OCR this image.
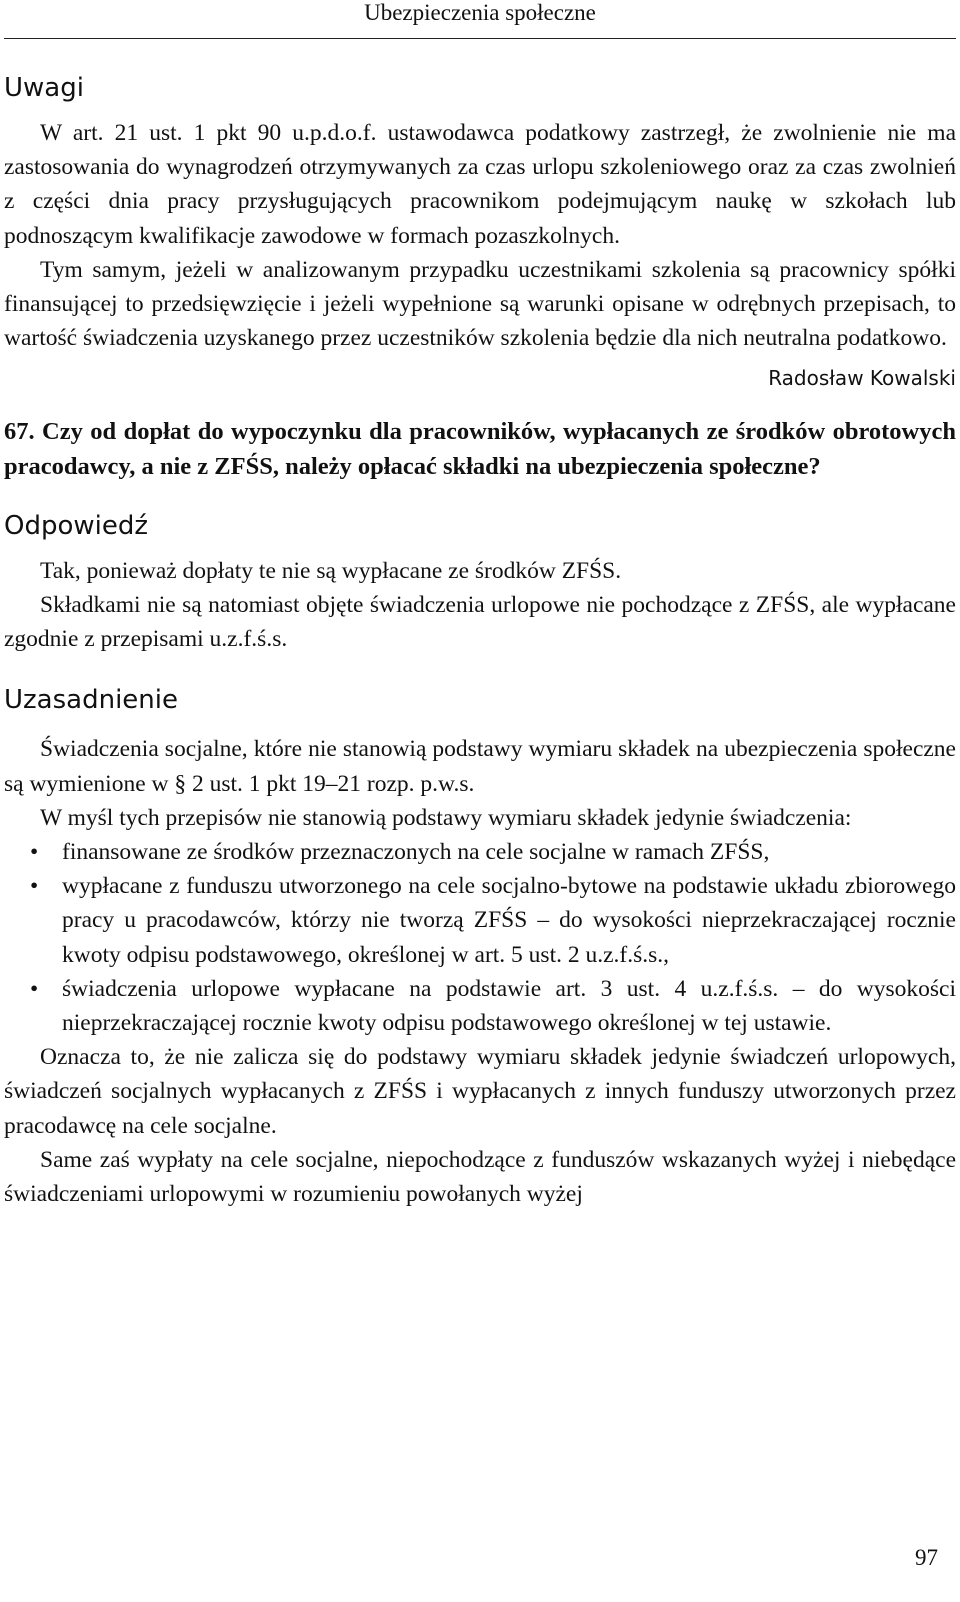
Ubezpieczenia społeczne
Uwagi

W art. 21 ust. 1 pkt 90 u.p.d.o.f. ustawodawca podatkowy zastrzegł, że zwolnienie nie ma zastosowania do wynagrodzeń otrzymywanych za czas urlopu szkoleniowego oraz za czas zwolnień z części dnia pracy przysługujących pracownikom podejmującym naukę w szkołach lub podnoszącym kwalifikacje zawodowe w formach pozaszkolnych.

Tym samym, jeżeli w analizowanym przypadku uczestnikami szkolenia są pracownicy spółki finansującej to przedsięwzięcie i jeżeli wypełnione są warunki opisane w odrębnych przepisach, to wartość świadczenia uzyskanego przez uczestników szkolenia będzie dla nich neutralna podatkowo.

Radosław Kowalski

67. Czy od dopłat do wypoczynku dla pracowników, wypłacanych ze środków obrotowych pracodawcy, a nie z ZFŚS, należy opłacać składki na ubezpieczenia społeczne?

Odpowiedź

Tak, ponieważ dopłaty te nie są wypłacane ze środków ZFŚS.

Składkami nie są natomiast objęte świadczenia urlopowe nie pochodzące z ZFŚS, ale wypłacane zgodnie z przepisami u.z.f.ś.s.

Uzasadnienie

Świadczenia socjalne, które nie stanowią podstawy wymiaru składek na ubezpieczenia społeczne są wymienione w § 2 ust. 1 pkt 19–21 rozp. p.w.s.

W myśl tych przepisów nie stanowią podstawy wymiaru składek jedynie świadczenia:

• finansowane ze środków przeznaczonych na cele socjalne w ramach ZFŚS,
• wypłacane z funduszu utworzonego na cele socjalno-bytowe na podstawie układu zbiorowego pracy u pracodawców, którzy nie tworzą ZFŚS – do wysokości nieprzekraczającej rocznie kwoty odpisu podstawowego, określonej w art. 5 ust. 2 u.z.f.ś.s.,
• świadczenia urlopowe wypłacane na podstawie art. 3 ust. 4 u.z.f.ś.s. – do wysokości nieprzekraczającej rocznie kwoty odpisu podstawowego określonej w tej ustawie.

Oznacza to, że nie zalicza się do podstawy wymiaru składek jedynie świadczeń urlopowych, świadczeń socjalnych wypłacanych z ZFŚS i wypłacanych z innych funduszy utworzonych przez pracodawcę na cele socjalne.

Same zaś wypłaty na cele socjalne, niepochodzące z funduszów wskazanych wyżej i niebędące świadczeniami urlopowymi w rozumieniu powołanych wyżej

97
